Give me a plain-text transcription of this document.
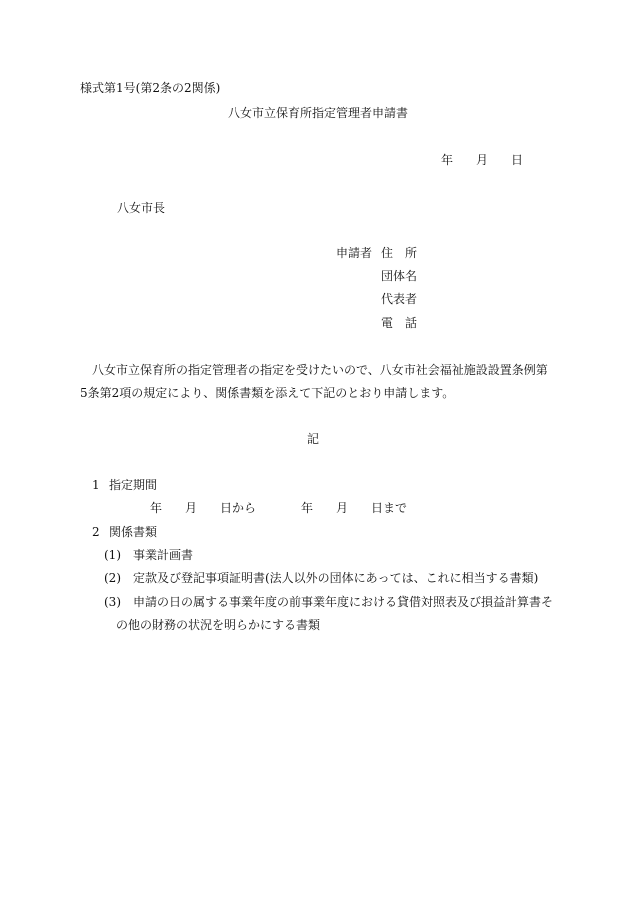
様式第1号(第2条の2関係)
八女市立保育所指定管理者申請書
年 月 日
八女市長
申請者 住　所
団体名
代表者
電　話
八女市立保育所の指定管理者の指定を受けたいので、八女市社会福祉施設設置条例第
5条第2項の規定により、関係書類を添えて下記のとおり申請します。
記
1 指定期間
年 月 日から	年 月 日まで
2 関係書類
(1) 事業計画書
(2) 定款及び登記事項証明書(法人以外の団体にあっては、これに相当する書類)
(3) 申請の日の属する事業年度の前事業年度における貸借対照表及び損益計算書そ
の他の財務の状況を明らかにする書類
